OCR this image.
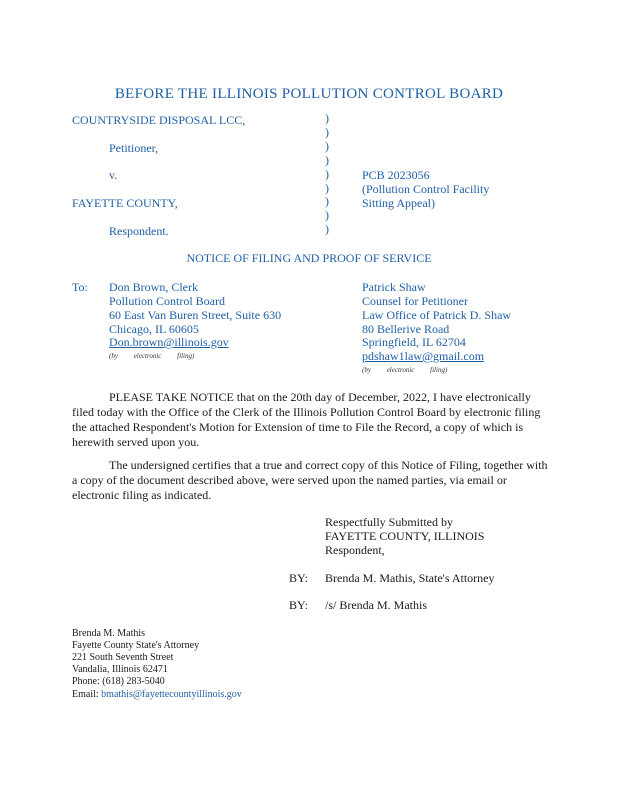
BEFORE THE ILLINOIS POLLUTION CONTROL BOARD
COUNTRYSIDE DISPOSAL LCC,
Petitioner,
v.
FAYETTE COUNTY,
Respondent.
)
)
)
)
)
)
)
)
)
PCB 2023056
(Pollution Control Facility
Sitting Appeal)
NOTICE OF FILING AND PROOF OF SERVICE
To: Don Brown, Clerk
Pollution Control Board
60 East Van Buren Street, Suite 630
Chicago, IL 60605
Don.brown@illinois.gov
(by electronic filing)
Patrick Shaw
Counsel for Petitioner
Law Office of Patrick D. Shaw
80 Bellerive Road
Springfield, IL 62704
pdshaw1law@gmail.com
(by electronic filing)
PLEASE TAKE NOTICE that on the 20th day of December, 2022, I have electronically filed today with the Office of the Clerk of the Illinois Pollution Control Board by electronic filing the attached Respondent's Motion for Extension of time to File the Record, a copy of which is herewith served upon you.
The undersigned certifies that a true and correct copy of this Notice of Filing, together with a copy of the document described above, were served upon the named parties, via email or electronic filing as indicated.
Respectfully Submitted by
FAYETTE COUNTY, ILLINOIS
Respondent,
BY: Brenda M. Mathis, State's Attorney
BY: /s/ Brenda M. Mathis
Brenda M. Mathis
Fayette County State's Attorney
221 South Seventh Street
Vandalia, Illinois 62471
Phone: (618) 283-5040
Email: bmathis@fayettecountyillinois.gov
